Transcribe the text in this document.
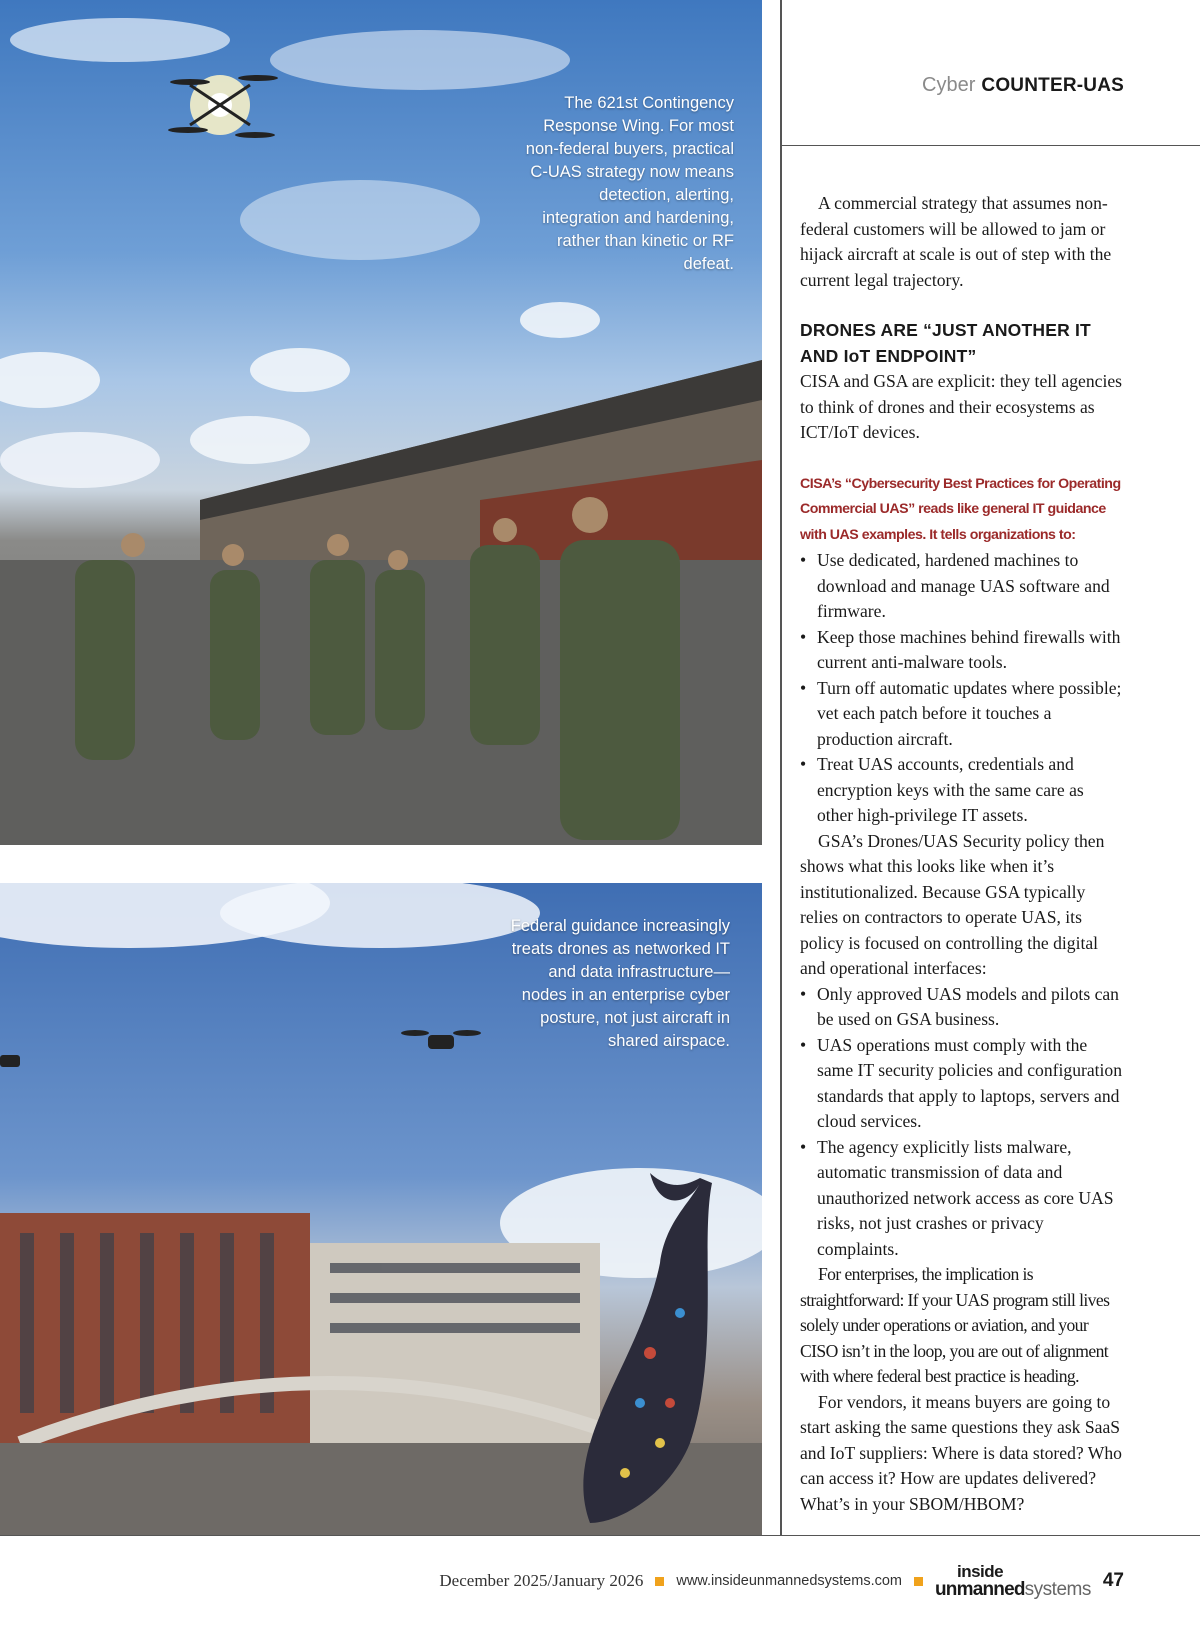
The 621st Contingency Response Wing. For most non-federal buyers, practical C-UAS strategy now means detection, alerting, integration and hardening, rather than kinetic or RF defeat.
Federal guidance increasingly treats drones as networked IT and data infrastructure—nodes in an enterprise cyber posture, not just aircraft in shared airspace.
Cyber COUNTER-UAS

A commercial strategy that assumes non-federal customers will be allowed to jam or hijack aircraft at scale is out of step with the current legal trajectory.

DRONES ARE “JUST ANOTHER IT AND IoT ENDPOINT”

CISA and GSA are explicit: they tell agencies to think of drones and their ecosystems as ICT/IoT devices.

CISA’s “Cybersecurity Best Practices for Operating Commercial UAS” reads like general IT guidance with UAS examples. It tells organizations to:
• Use dedicated, hardened machines to download and manage UAS software and firmware.
• Keep those machines behind firewalls with current anti-malware tools.
• Turn off automatic updates where possible; vet each patch before it touches a production aircraft.
• Treat UAS accounts, credentials and encryption keys with the same care as other high-privilege IT assets.

GSA’s Drones/UAS Security policy then shows what this looks like when it’s institutionalized. Because GSA typically relies on contractors to operate UAS, its policy is focused on controlling the digital and operational interfaces:

• Only approved UAS models and pilots can be used on GSA business.
• UAS operations must comply with the same IT security policies and configuration standards that apply to laptops, servers and cloud services.
• The agency explicitly lists malware, automatic transmission of data and unauthorized network access as core UAS risks, not just crashes or privacy complaints.

For enterprises, the implication is straightforward: If your UAS program still lives solely under operations or aviation, and your CISO isn’t in the loop, you are out of alignment with where federal best practice is heading.

For vendors, it means buyers are going to start asking the same questions they ask SaaS and IoT suppliers: Where is data stored? Who can access it? How are updates delivered? What’s in your SBOM/HBOM?

December 2025/January 2026 www.insideunmannedsystems.com	inside
unmannedsystems 47
